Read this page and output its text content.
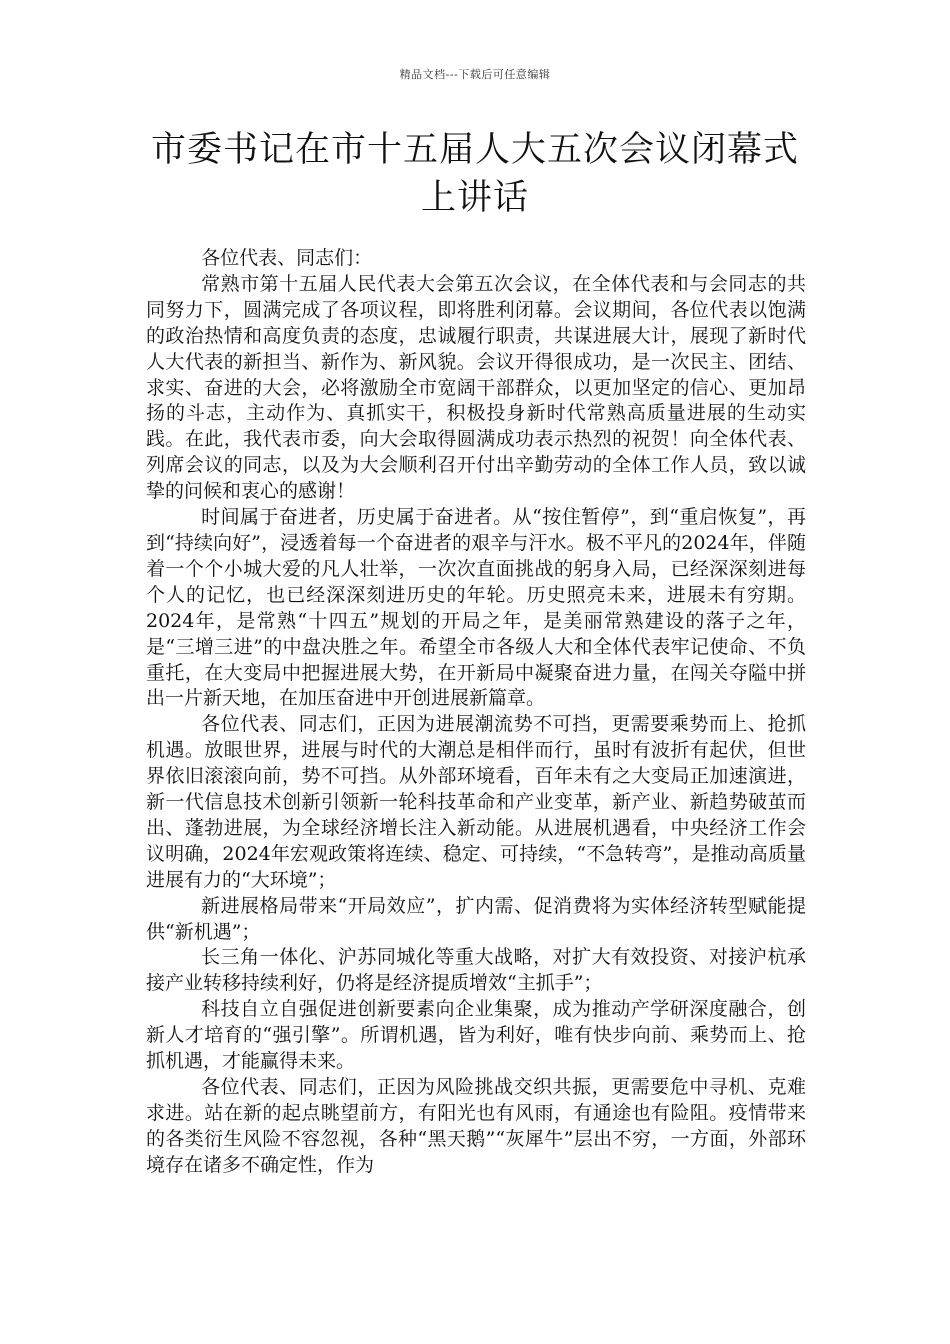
精品文档---下载后可任意编辑
市委书记在市十五届人大五次会议闭幕式
上讲话

各位代表、同志们：

常熟市第十五届人民代表大会第五次会议，在全体代表和与会同志的共同努力下，圆满完成了各项议程，即将胜利闭幕。会议期间，各位代表以饱满的政治热情和高度负责的态度，忠诚履行职责，共谋进展大计，展现了新时代人大代表的新担当、新作为、新风貌。会议开得很成功，是一次民主、团结、求实、奋进的大会，必将激励全市宽阔干部群众，以更加坚定的信心、更加昂扬的斗志，主动作为、真抓实干，积极投身新时代常熟高质量进展的生动实践。在此，我代表市委，向大会取得圆满成功表示热烈的祝贺！向全体代表、列席会议的同志，以及为大会顺利召开付出辛勤劳动的全体工作人员，致以诚挚的问候和衷心的感谢！

时间属于奋进者，历史属于奋进者。从“按住暂停”，到“重启恢复”，再到“持续向好”，浸透着每一个奋进者的艰辛与汗水。极不平凡的2024年，伴随着一个个小城大爱的凡人壮举，一次次直面挑战的躬身入局，已经深深刻进每个人的记忆，也已经深深刻进历史的年轮。历史照亮未来，进展未有穷期。2024年，是常熟“十四五”规划的开局之年，是美丽常熟建设的落子之年，是“三增三进”的中盘决胜之年。希望全市各级人大和全体代表牢记使命、不负重托，在大变局中把握进展大势，在开新局中凝聚奋进力量，在闯关夺隘中拼出一片新天地，在加压奋进中开创进展新篇章。

各位代表、同志们，正因为进展潮流势不可挡，更需要乘势而上、抢抓机遇。放眼世界，进展与时代的大潮总是相伴而行，虽时有波折有起伏，但世界依旧滚滚向前，势不可挡。从外部环境看，百年未有之大变局正加速演进，新一代信息技术创新引领新一轮科技革命和产业变革，新产业、新趋势破茧而出、蓬勃进展，为全球经济增长注入新动能。从进展机遇看，中央经济工作会议明确，2024年宏观政策将连续、稳定、可持续，“不急转弯”，是推动高质量进展有力的“大环境”；

新进展格局带来“开局效应”，扩内需、促消费将为实体经济转型赋能提供“新机遇”；

长三角一体化、沪苏同城化等重大战略，对扩大有效投资、对接沪杭承接产业转移持续利好，仍将是经济提质增效“主抓手”；

科技自立自强促进创新要素向企业集聚，成为推动产学研深度融合，创新人才培育的“强引擎”。所谓机遇，皆为利好，唯有快步向前、乘势而上、抢抓机遇，才能赢得未来。

各位代表、同志们，正因为风险挑战交织共振，更需要危中寻机、克难求进。站在新的起点眺望前方，有阳光也有风雨，有通途也有险阻。疫情带来的各类衍生风险不容忽视，各种“黑天鹅”“灰犀牛”层出不穷，一方面，外部环境存在诸多不确定性，作为
